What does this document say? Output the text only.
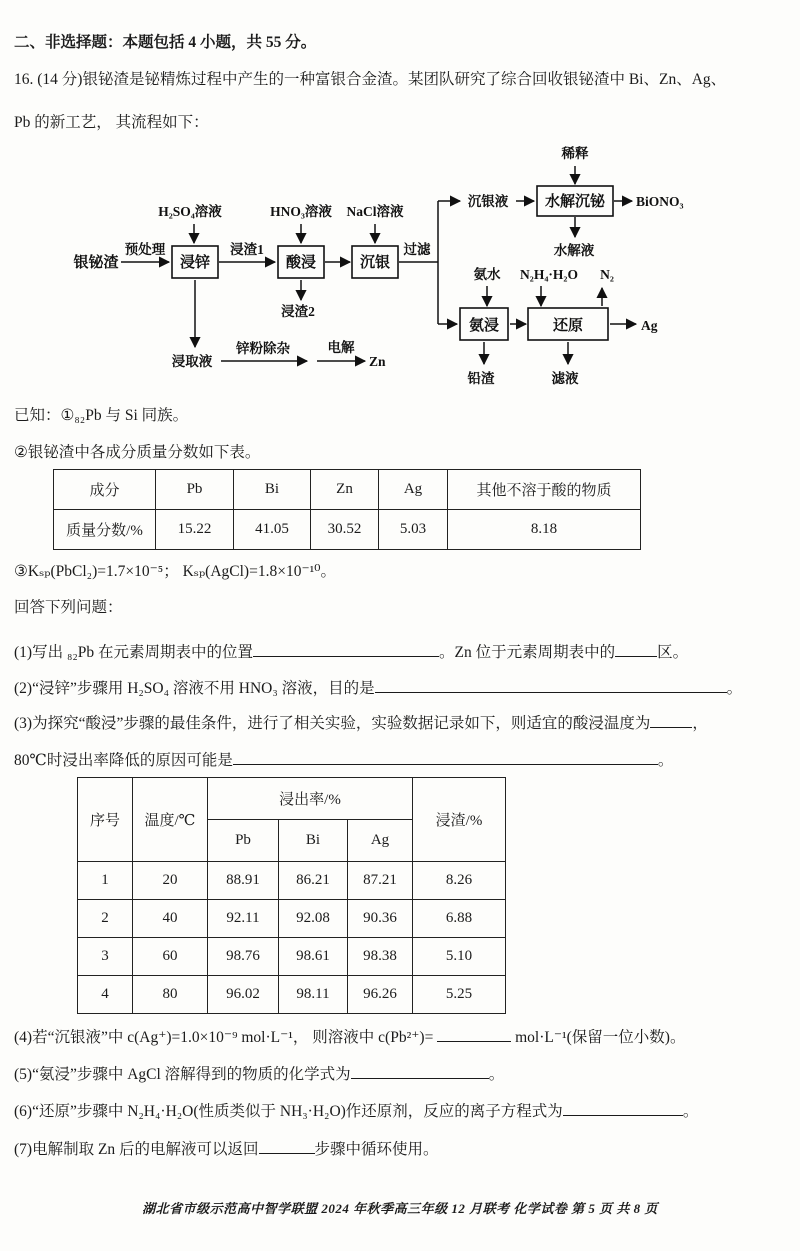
二、非选择题：本题包括 4 小题，共 55 分。
16. (14 分)银铋渣是铋精炼过程中产生的一种富银合金渣。某团队研究了综合回收银铋渣中 Bi、Zn、Ag、
Pb 的新工艺， 其流程如下：
银铋渣
预处理
浸锌
H₂SO₄溶液
浸渣1
酸浸
HNO₃溶液
沉银
NaCl溶液
过滤
浸渣2
浸取液
锌粉除杂	电解
Zn
沉银液
稀释
水解沉铋 BiONO₃
水解液
氨水 N₂H₄·H₂O N₂
氨浸	还原	Ag
铅渣	滤液
已知：①₈₂Pb 与 Si 同族。
②银铋渣中各成分质量分数如下表。
成分	Pb	Bi	Zn	Ag	其他不溶于酸的物质
质量分数/%	15.22	41.05	30.52	5.03	8.18
③Kₛₚ(PbCl₂)=1.7×10⁻⁵； Kₛₚ(AgCl)=1.8×10⁻¹⁰。
回答下列问题：
(1)写出 ₈₂Pb 在元素周期表中的位置	。Zn 位于元素周期表中的	区。
(2)“浸锌”步骤用 H₂SO₄ 溶液不用 HNO₃ 溶液，目的是	。
(3)为探究“酸浸”步骤的最佳条件，进行了相关实验，实验数据记录如下，则适宜的酸浸温度为	，
80℃时浸出率降低的原因可能是	。
序号	温度/℃	浸出率/%			浸渣/%
		Pb	Bi	Ag	
1	20	88.91	86.21	87.21	8.26
2	40	92.11	92.08	90.36	6.88
3	60	98.76	98.61	98.38	5.10
4	80	96.02	98.11	96.26	5.25
(4)若“沉银液”中 c(Ag⁺)=1.0×10⁻⁹ mol·L⁻¹， 则溶液中 c(Pb²⁺)=	mol·L⁻¹(保留一位小数)。
(5)“氨浸”步骤中 AgCl 溶解得到的物质的化学式为	。
(6)“还原”步骤中 N₂H₄·H₂O(性质类似于 NH₃·H₂O)作还原剂，反应的离子方程式为	。
(7)电解制取 Zn 后的电解液可以返回	步骤中循环使用。
湖北省市级示范高中智学联盟 2024 年秋季高三年级 12 月联考 化学试卷 第 5 页 共 8 页
